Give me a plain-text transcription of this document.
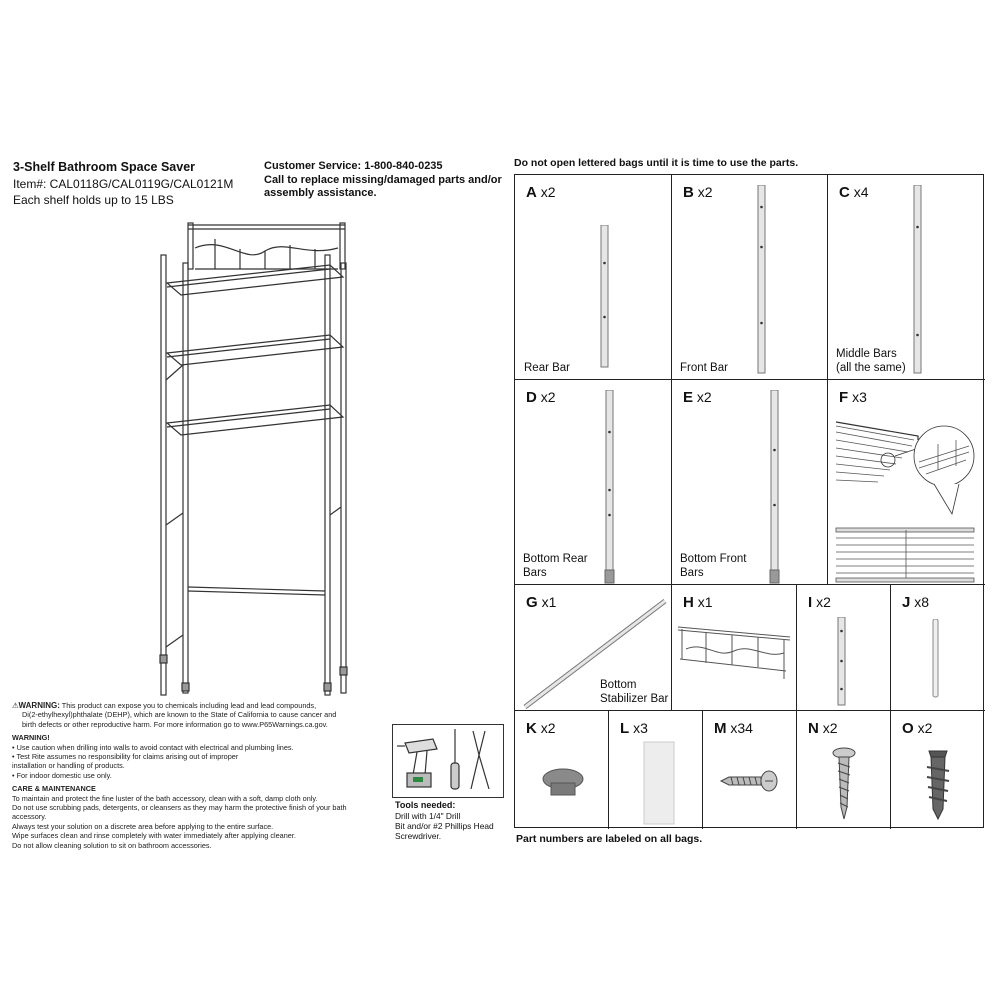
3-Shelf Bathroom Space Saver
Item#: CAL0118G/CAL0119G/CAL0121M
Each shelf holds up to 15 LBS
Customer Service: 1-800-840-0235
Call to replace missing/damaged parts and/or
assembly assistance.
⚠WARNING: This product can expose you to chemicals including lead and lead compounds,
Di(2-ethylhexyl)phthalate (DEHP), which are known to the State of California to cause cancer and
birth defects or other reproductive harm. For more information go to www.P65Warnings.ca.gov.
WARNING!
• Use caution when drilling into walls to avoid contact with electrical and plumbing lines.
• Test Rite assumes no responsibility for claims arising out of improper
installation or handling of products.
• For indoor domestic use only.
CARE & MAINTENANCE
To maintain and protect the fine luster of the bath accessory, clean with a soft, damp cloth only.
Do not use scrubbing pads, detergents, or cleansers as they may harm the protective finish of your bath accessory.
Always test your solution on a discrete area before applying to the entire surface.
Wipe surfaces clean and rinse completely with water immediately after applying cleaner.
Do not allow cleaning solution to sit on bathroom accessories.
Tools needed:
Drill with 1/4" Drill
Bit and/or #2 Phillips Head
Screwdriver.
Do not open lettered bags until it is time to use the parts.
A x2
Rear Bar
B x2
Front Bar
C x4
Middle Bars
(all the same)
D x2
Bottom Rear
Bars
E x2
Bottom Front
Bars
F x3
G x1
Bottom
Stabilizer Bar
H x1	I x2	J x8
K x2	L x3	M x34	N x2	O x2
Part numbers are labeled on all bags.
